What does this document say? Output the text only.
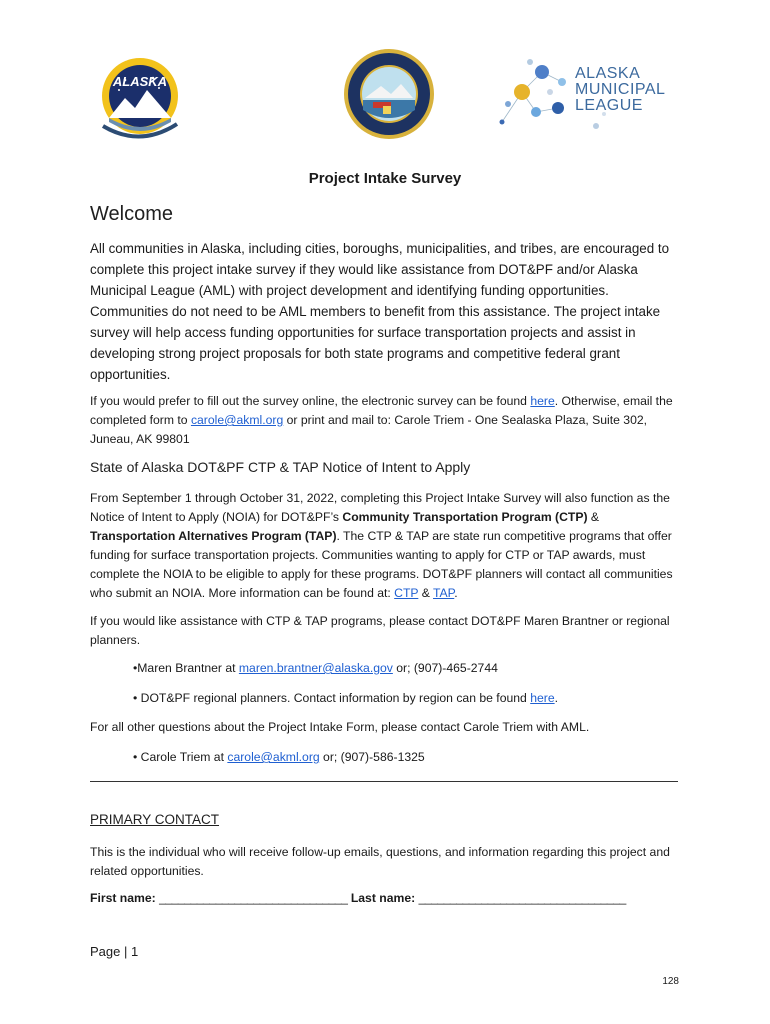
ALASKA	ALASKA
MUNICIPAL
LEAGUE
Project Intake Survey
Welcome
All communities in Alaska, including cities, boroughs, municipalities, and tribes, are encouraged to complete this project intake survey if they would like assistance from DOT&PF and/or Alaska Municipal League (AML) with project development and identifying funding opportunities. Communities do not need to be AML members to benefit from this assistance. The project intake survey will help access funding opportunities for surface transportation projects and assist in developing strong project proposals for both state programs and competitive federal grant opportunities.
If you would prefer to fill out the survey online, the electronic survey can be found here. Otherwise, email the completed form to carole@akml.org or print and mail to: Carole Triem - One Sealaska Plaza, Suite 302, Juneau, AK 99801
State of Alaska DOT&PF CTP & TAP Notice of Intent to Apply
From September 1 through October 31, 2022, completing this Project Intake Survey will also function as the Notice of Intent to Apply (NOIA) for DOT&PF’s Community Transportation Program (CTP) & Transportation Alternatives Program (TAP). The CTP & TAP are state run competitive programs that offer funding for surface transportation projects. Communities wanting to apply for CTP or TAP awards, must complete the NOIA to be eligible to apply for these programs. DOT&PF planners will contact all communities who submit an NOIA. More information can be found at: CTP & TAP.
If you would like assistance with CTP & TAP programs, please contact DOT&PF Maren Brantner or regional planners.
•Maren Brantner at maren.brantner@alaska.gov or; (907)-465-2744
• DOT&PF regional planners. Contact information by region can be found here.
For all other questions about the Project Intake Form, please contact Carole Triem with AML.
• Carole Triem at carole@akml.org or; (907)-586-1325
PRIMARY CONTACT
This is the individual who will receive follow-up emails, questions, and information regarding this project and related opportunities.
First name: ______________________________ Last name: _________________________________
Page | 1
128
